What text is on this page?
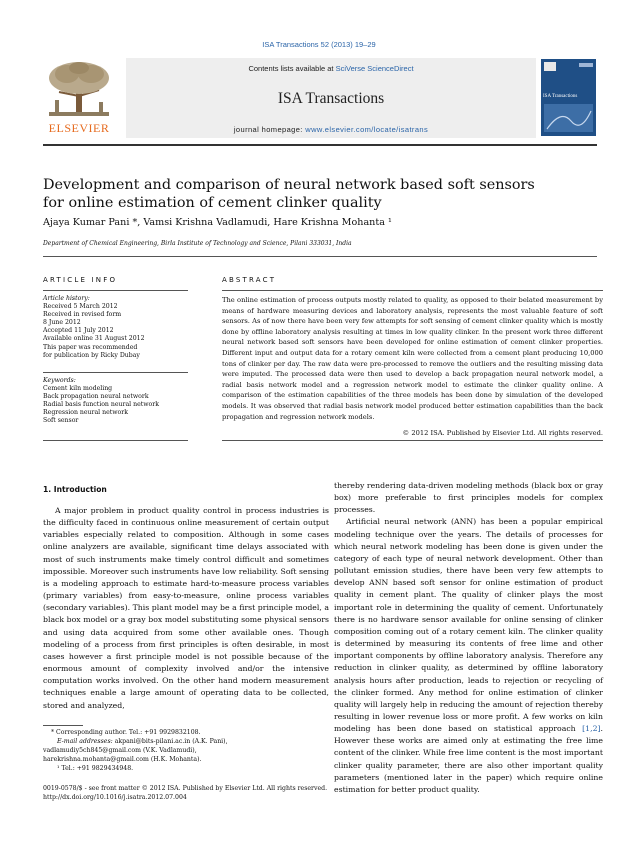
ISA Transactions 52 (2013) 19–29
ELSEVIER
Contents lists available at SciVerse ScienceDirect
ISA Transactions
journal homepage: www.elsevier.com/locate/isatrans
ISA Transactions
Development and comparison of neural network based soft sensors
for online estimation of cement clinker quality
Ajaya Kumar Pani *, Vamsi Krishna Vadlamudi, Hare Krishna Mohanta ¹
Department of Chemical Engineering, Birla Institute of Technology and Science, Pilani 333031, India
ARTICLE INFO
Article history:
Received 5 March 2012
Received in revised form
8 June 2012
Accepted 11 July 2012
Available online 31 August 2012
This paper was recommended
for publication by Ricky Dubay
Keywords:
Cement kiln modeling
Back propagation neural network
Radial basis function neural network
Regression neural network
Soft sensor
ABSTRACT
The online estimation of process outputs mostly related to quality, as opposed to their belated measurement by means of hardware measuring devices and laboratory analysis, represents the most valuable feature of soft sensors. As of now there have been very few attempts for soft sensing of cement clinker quality which is mostly done by offline laboratory analysis resulting at times in low quality clinker. In the present work three different neural network based soft sensors have been developed for online estimation of cement clinker properties. Different input and output data for a rotary cement kiln were collected from a cement plant producing 10,000 tons of clinker per day. The raw data were pre-processed to remove the outliers and the resulting missing data were imputed. The processed data were then used to develop a back propagation neural network model, a radial basis network model and a regression network model to estimate the clinker quality online. A comparison of the estimation capabilities of the three models has been done by simulation of the developed models. It was observed that radial basis network model produced better estimation capabilities than the back propagation and regression network models.
© 2012 ISA. Published by Elsevier Ltd. All rights reserved.
1. Introduction

A major problem in product quality control in process industries is the difficulty faced in continuous online measurement of certain output variables especially related to composition. Although in some cases online analyzers are available, significant time delays associated with most of such instruments make timely control difficult and sometimes impossible. Moreover such instruments have low reliability. Soft sensing is a modeling approach to estimate hard-to-measure process variables (primary variables) from easy-to-measure, online process variables (secondary variables). This plant model may be a first principle model, a black box model or a gray box model substituting some physical sensors and using data acquired from some other available ones. Though modeling of a process from first principles is often desirable, in most cases however a first principle model is not possible because of the enormous amount of complexity involved and/or the intensive computation works involved. On the other hand modern measurement techniques enable a large amount of operating data to be collected, stored and analyzed,

thereby rendering data-driven modeling methods (black box or gray box) more preferable to first principles models for complex processes.

Artificial neural network (ANN) has been a popular empirical modeling technique over the years. The details of processes for which neural network modeling has been done is given under the category of each type of neural network development. Other than pollutant emission studies, there have been very few attempts to develop ANN based soft sensor for online estimation of product quality in cement plant. The quality of clinker plays the most important role in determining the quality of cement. Unfortunately there is no hardware sensor available for online sensing of clinker composition coming out of a rotary cement kiln. The clinker quality is determined by measuring its contents of free lime and other important components by offline laboratory analysis. Therefore any reduction in clinker quality, as determined by offline laboratory analysis hours after production, leads to rejection or recycling of the clinker formed. Any method for online estimation of clinker quality will largely help in reducing the amount of rejection thereby resulting in lower revenue loss or more profit. A few works on kiln modeling has been done based on statistical approach [1,2]. However these works are aimed only at estimating the free lime content of the clinker. While free lime content is the most important clinker quality parameter, there are also other important quality parameters (mentioned later in the paper) which require online estimation for better product quality.

* Corresponding author. Tel.: +91 9929832108.
E-mail addresses: akpani@bits-pilani.ac.in (A.K. Pani),
vadlamudiy5ch845@gmail.com (V.K. Vadlamudi),
harekrishna.mohanta@gmail.com (H.K. Mohanta).
¹ Tel.: +91 9829434948.
0019-0578/$ - see front matter © 2012 ISA. Published by Elsevier Ltd. All rights reserved.
http://dx.doi.org/10.1016/j.isatra.2012.07.004
